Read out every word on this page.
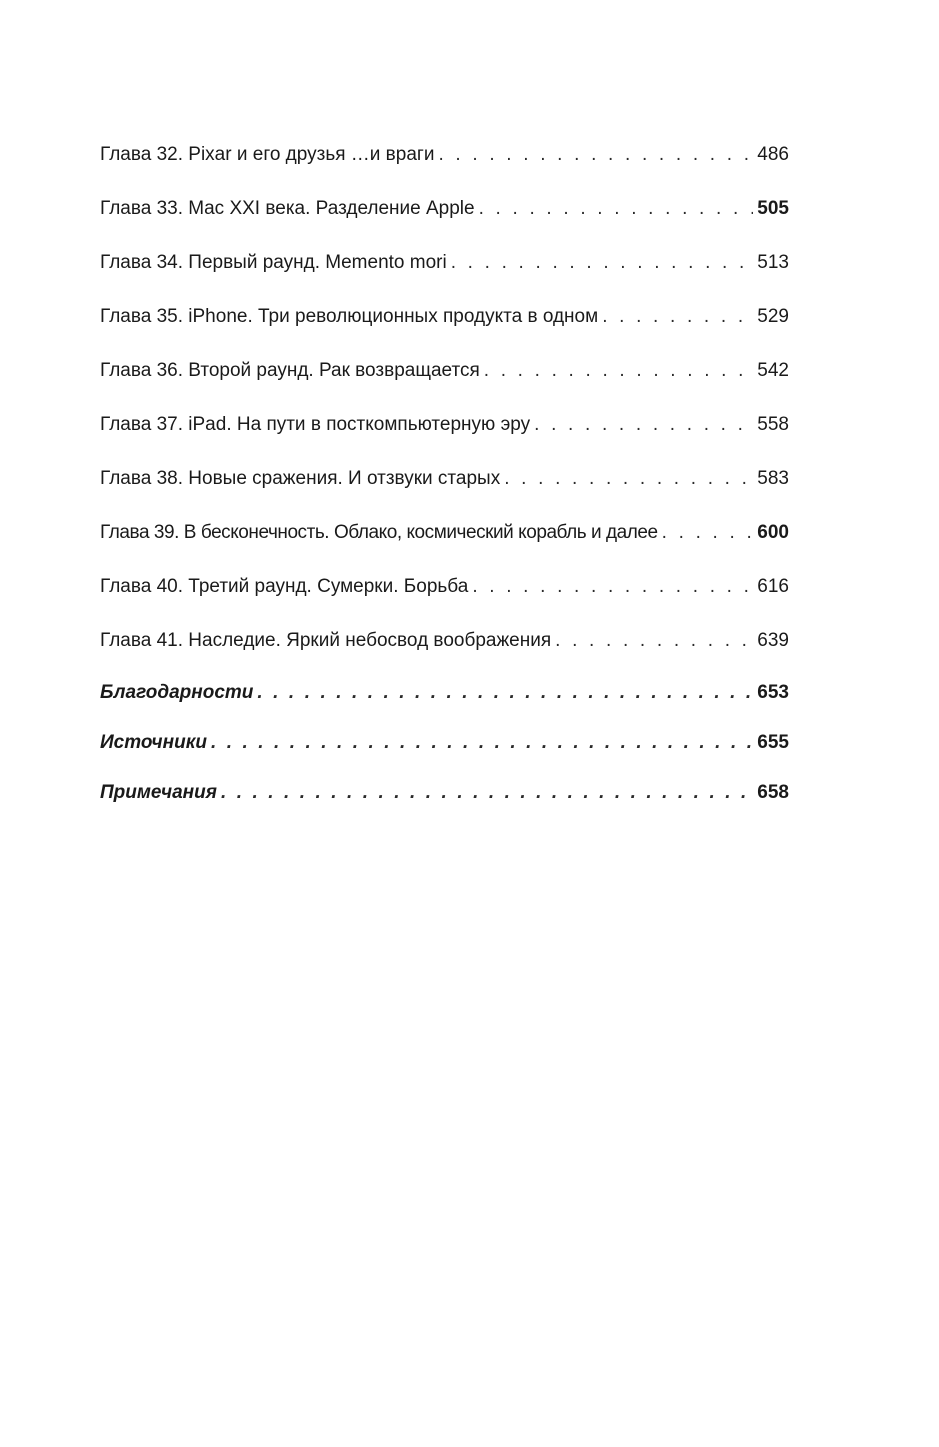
Глава 32. Pixar и его друзья …и враги . . .	486
Глава 33. Mac XXI века. Разделение Apple . . .	505
Глава 34. Первый раунд. Memento mori . . .	513
Глава 35. iPhone. Три революционных продукта в одном . . .	529
Глава 36. Второй раунд. Рак возвращается . . .	542
Глава 37. iPad. На пути в посткомпьютерную эру . . .	558
Глава 38. Новые сражения. И отзвуки старых . . .	583
Глава 39. В бесконечность. Облако, космический корабль и далее . . .	600
Глава 40. Третий раунд. Сумерки. Борьба . . .	616
Глава 41. Наследие. Яркий небосвод воображения . . .	639
Благодарности . . .	653
Источники . . .	655
Примечания . . .	658
